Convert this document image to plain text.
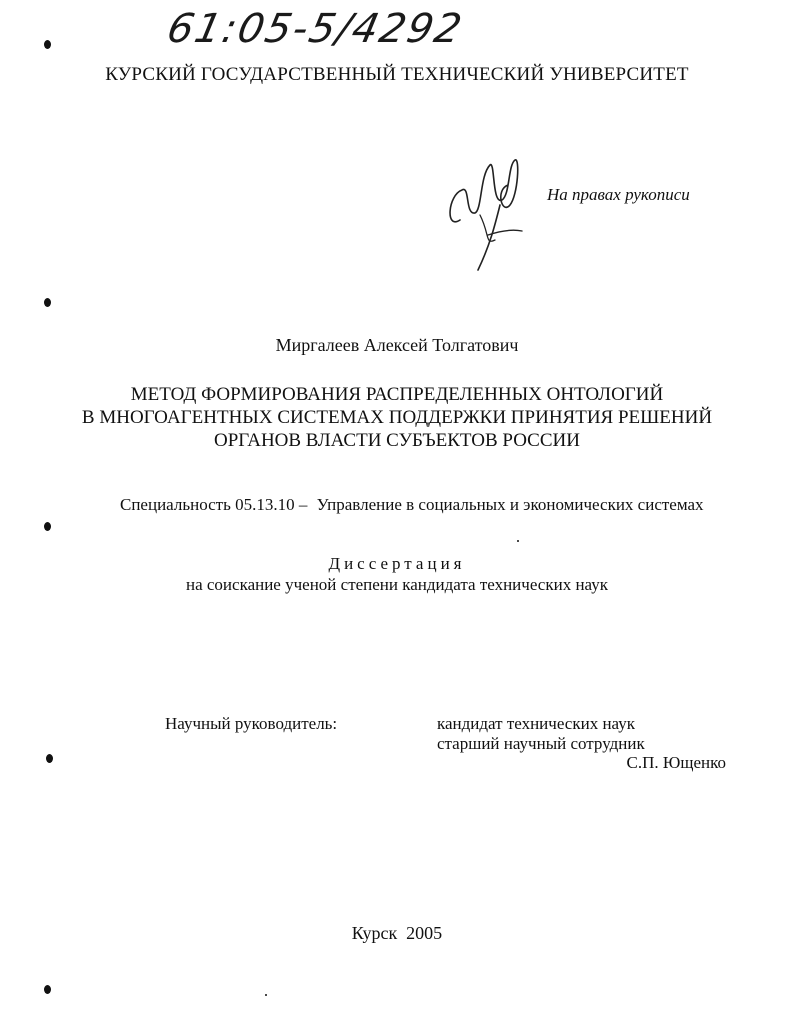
61:05-5/4292
КУРСКИЙ ГОСУДАРСТВЕННЫЙ ТЕХНИЧЕСКИЙ УНИВЕРСИТЕТ
На правах рукописи
Миргалеев Алексей Толгатович
МЕТОД ФОРМИРОВАНИЯ РАСПРЕДЕЛЕННЫХ ОНТОЛОГИЙ
В МНОГОАГЕНТНЫХ СИСТЕМАХ ПОДДЕРЖКИ ПРИНЯТИЯ РЕШЕНИЙ
ОРГАНОВ ВЛАСТИ СУБЪЕКТОВ РОССИИ
Специальность 05.13.10 – Управление в социальных и экономических системах
Диссертация
на соискание ученой степени кандидата технических наук
Научный руководитель:	кандидат технических наук
старший научный сотрудник
С.П. Ющенко
Курск  2005
